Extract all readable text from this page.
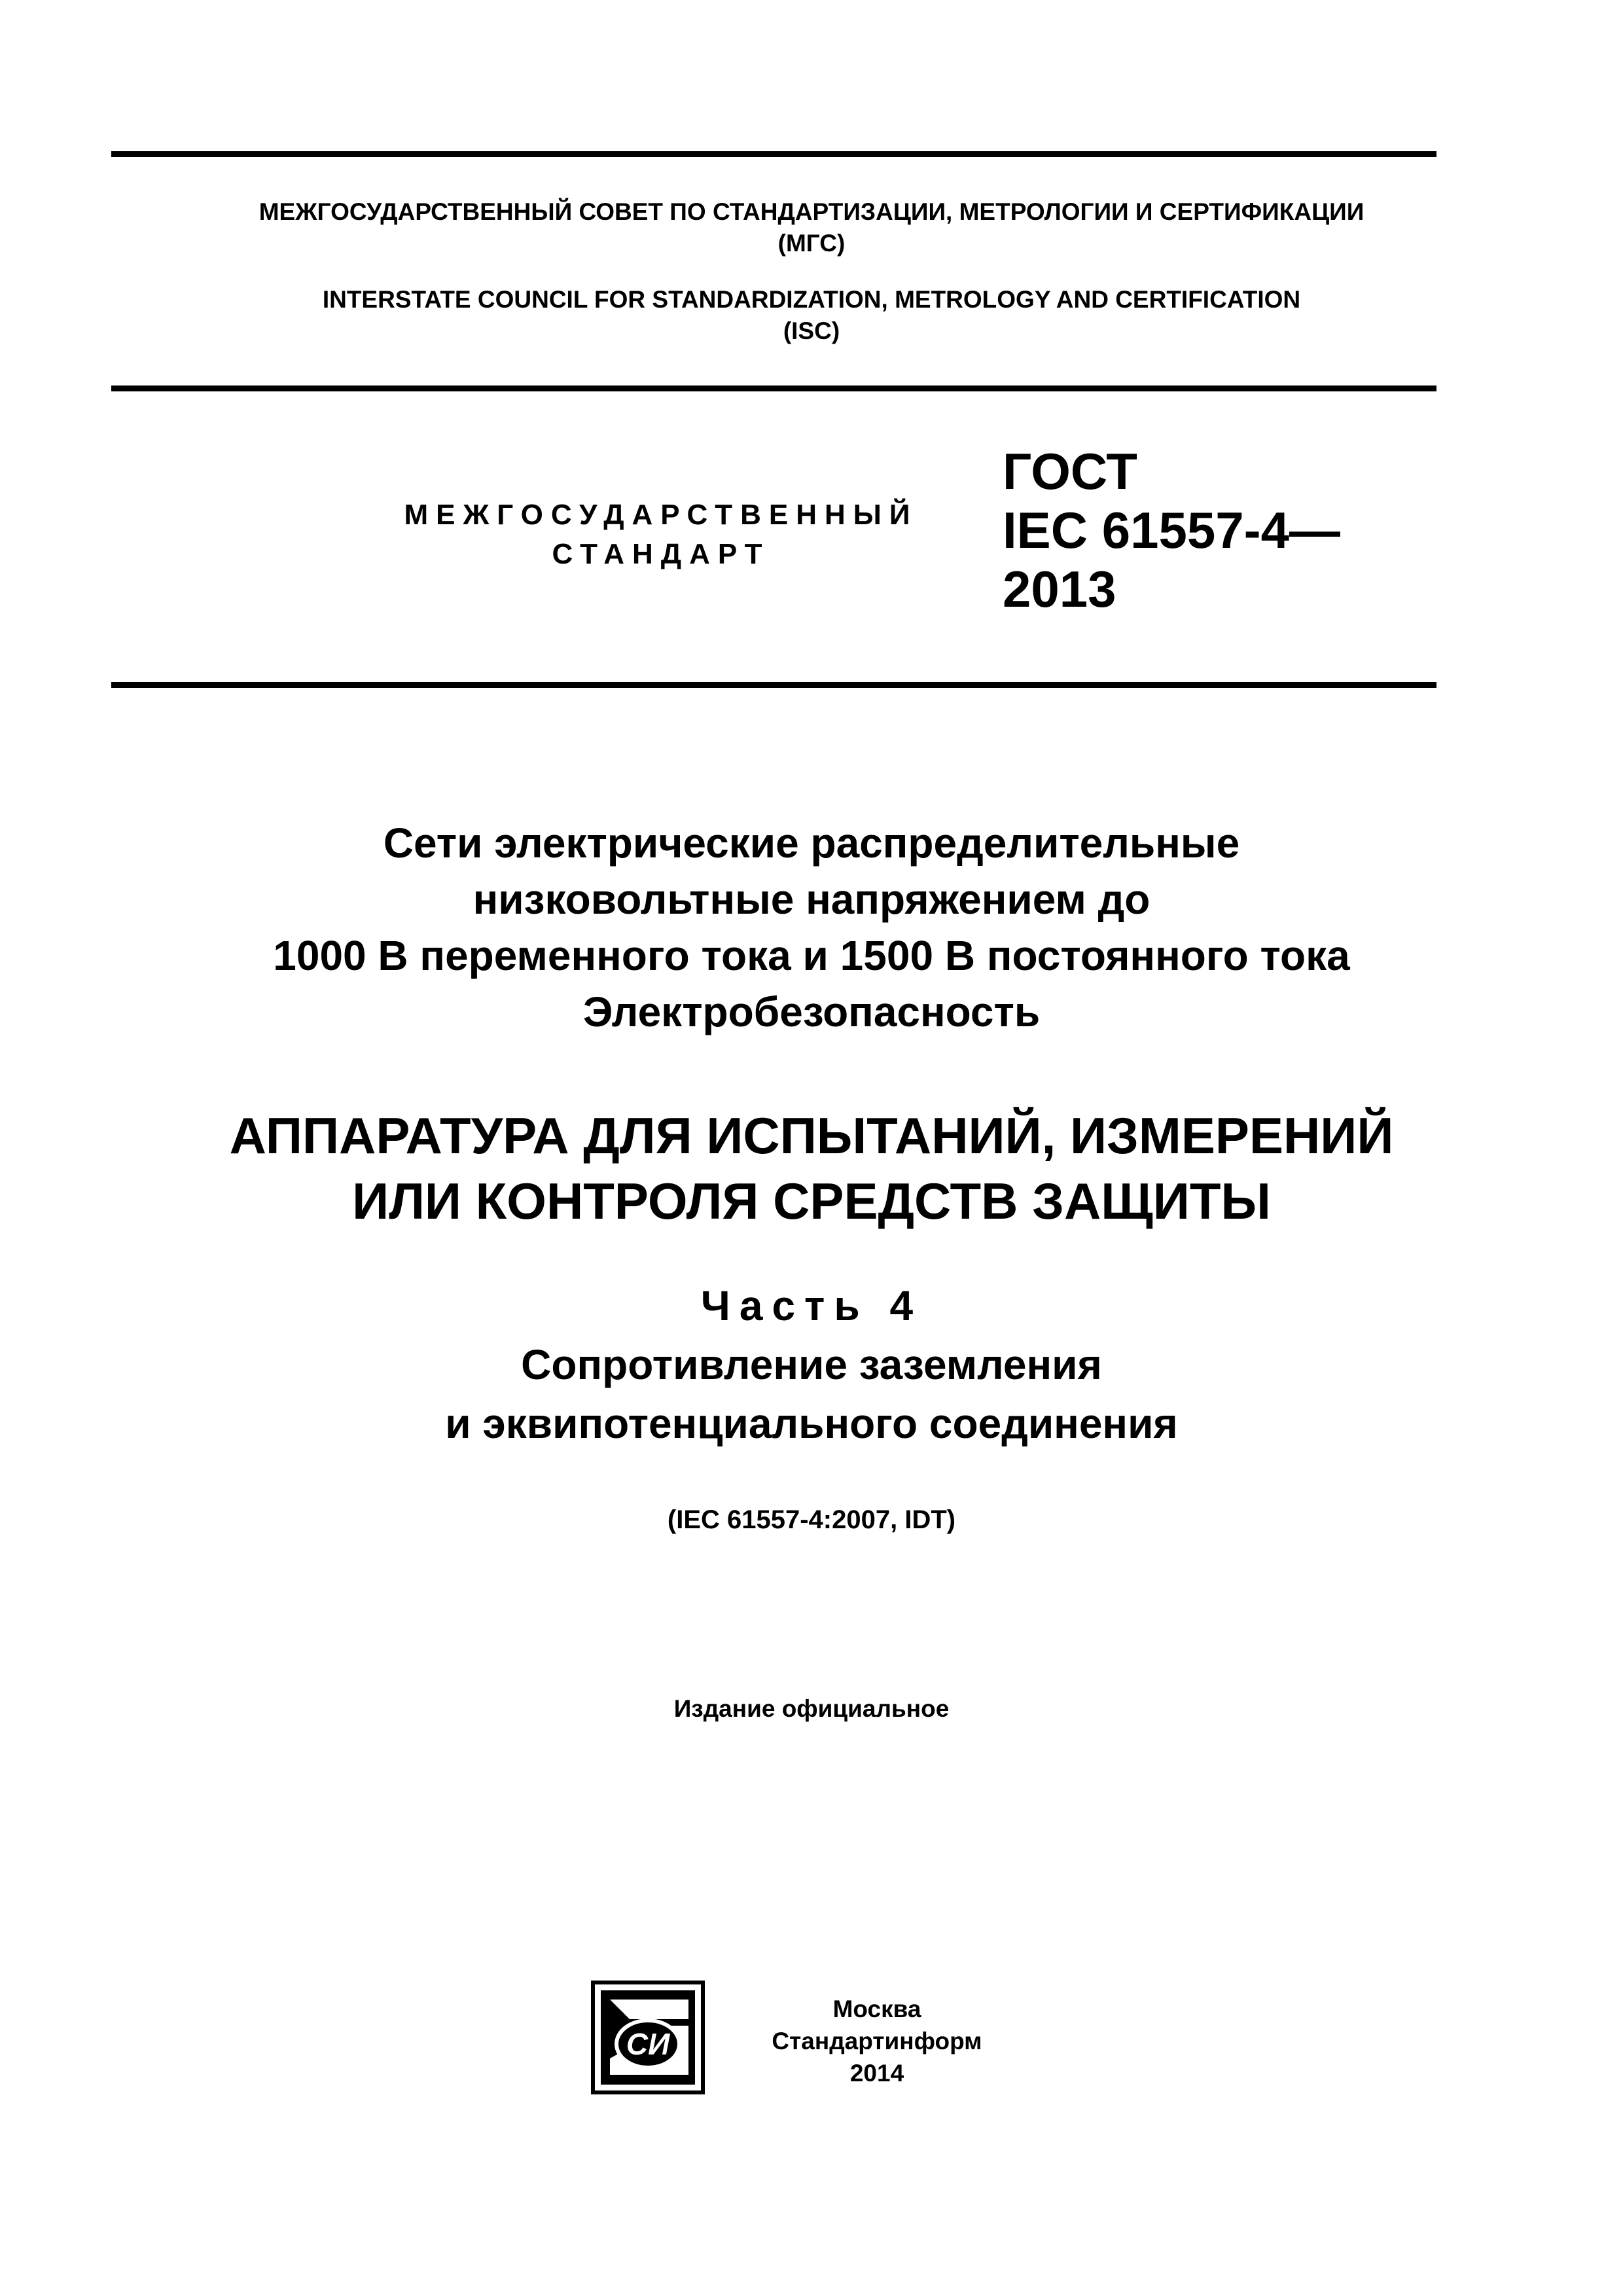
МЕЖГОСУДАРСТВЕННЫЙ СОВЕТ ПО СТАНДАРТИЗАЦИИ, МЕТРОЛОГИИ И СЕРТИФИКАЦИИ
(МГС)
INTERSTATE COUNCIL FOR STANDARDIZATION, METROLOGY AND CERTIFICATION
(ISC)
МЕЖГОСУДАРСТВЕННЫЙ
СТАНДАРТ
ГОСТ
IEC 61557-4—
2013
Сети электрические распределительные
низковольтные напряжением до
1000 В переменного тока и 1500 В постоянного тока
Электробезопасность
АППАРАТУРА ДЛЯ ИСПЫТАНИЙ, ИЗМЕРЕНИЙ
ИЛИ КОНТРОЛЯ СРЕДСТВ ЗАЩИТЫ
Часть 4
Сопротивление заземления
и эквипотенциального соединения
(IEC 61557-4:2007, IDT)
Издание официальное
СИ
Москва
Стандартинформ
2014
